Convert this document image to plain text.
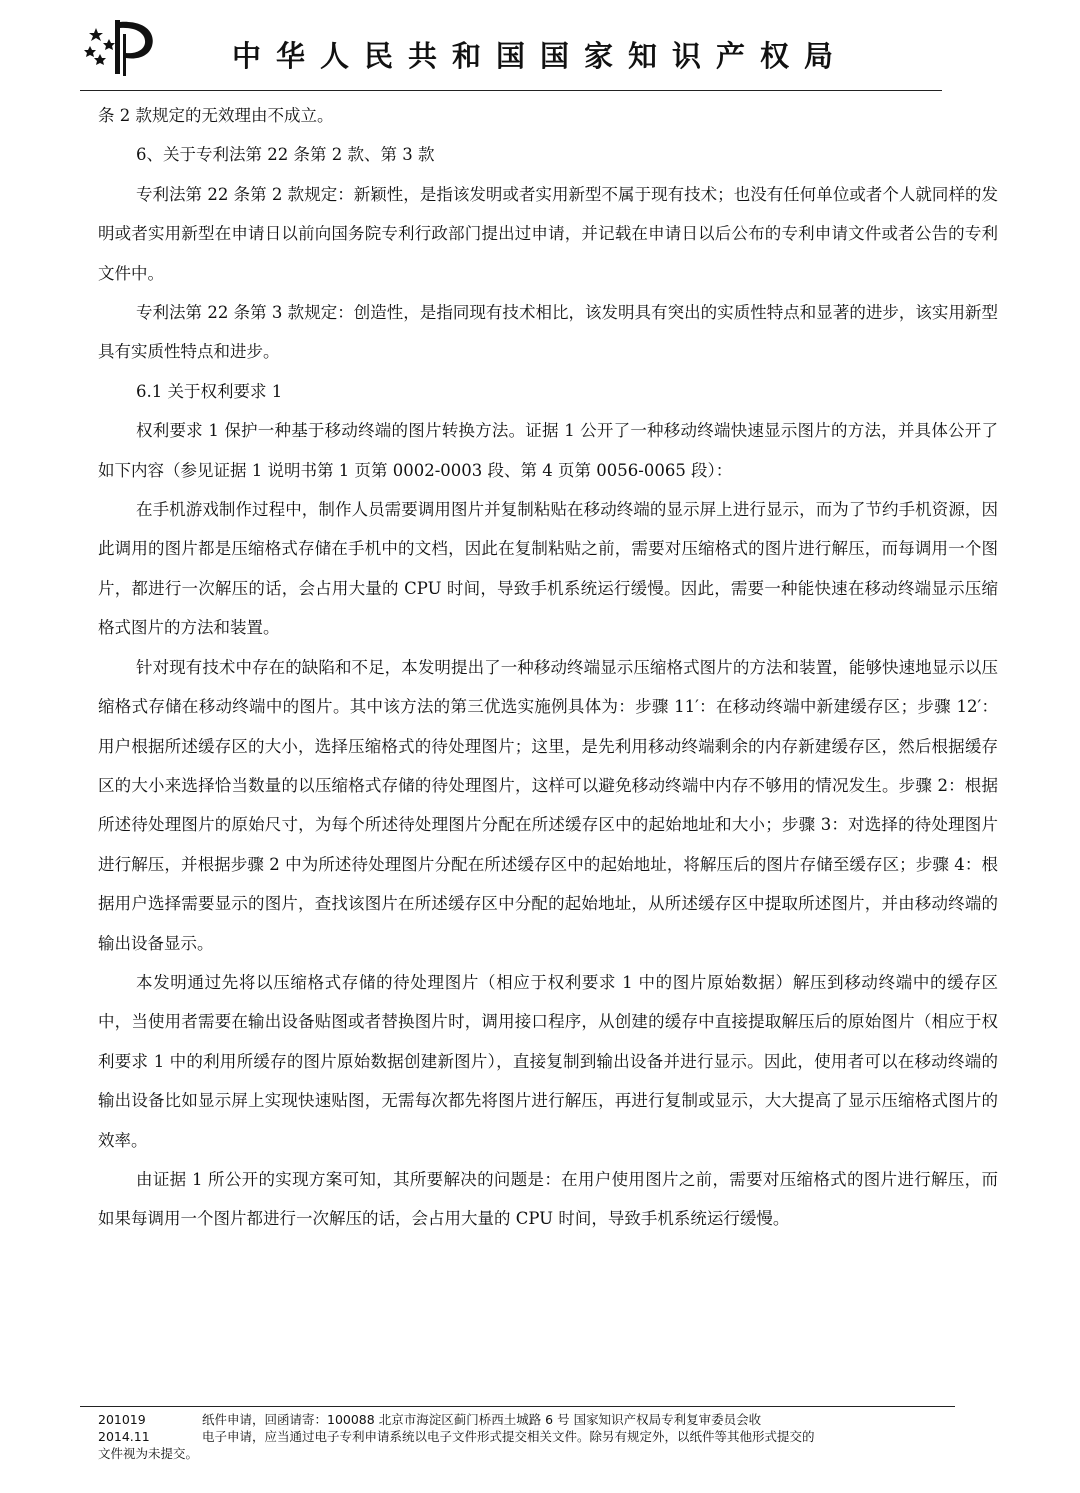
中华人民共和国国家知识产权局

条 2 款规定的无效理由不成立。

6、关于专利法第 22 条第 2 款、第 3 款

专利法第 22 条第 2 款规定：新颖性，是指该发明或者实用新型不属于现有技术；也没有任何单位或者个人就同样的发明或者实用新型在申请日以前向国务院专利行政部门提出过申请，并记载在申请日以后公布的专利申请文件或者公告的专利文件中。

专利法第 22 条第 3 款规定：创造性，是指同现有技术相比，该发明具有突出的实质性特点和显著的进步，该实用新型具有实质性特点和进步。

6.1 关于权利要求 1

权利要求 1 保护一种基于移动终端的图片转换方法。证据 1 公开了一种移动终端快速显示图片的方法，并具体公开了如下内容（参见证据 1 说明书第 1 页第 0002-0003 段、第 4 页第 0056-0065 段）：

在手机游戏制作过程中，制作人员需要调用图片并复制粘贴在移动终端的显示屏上进行显示，而为了节约手机资源，因此调用的图片都是压缩格式存储在手机中的文档，因此在复制粘贴之前，需要对压缩格式的图片进行解压，而每调用一个图片，都进行一次解压的话，会占用大量的 CPU 时间，导致手机系统运行缓慢。因此，需要一种能快速在移动终端显示压缩格式图片的方法和装置。

针对现有技术中存在的缺陷和不足，本发明提出了一种移动终端显示压缩格式图片的方法和装置，能够快速地显示以压缩格式存储在移动终端中的图片。其中该方法的第三优选实施例具体为：步骤 11′：在移动终端中新建缓存区；步骤 12′：用户根据所述缓存区的大小，选择压缩格式的待处理图片；这里，是先利用移动终端剩余的内存新建缓存区，然后根据缓存区的大小来选择恰当数量的以压缩格式存储的待处理图片，这样可以避免移动终端中内存不够用的情况发生。步骤 2：根据所述待处理图片的原始尺寸，为每个所述待处理图片分配在所述缓存区中的起始地址和大小；步骤 3：对选择的待处理图片进行解压，并根据步骤 2 中为所述待处理图片分配在所述缓存区中的起始地址，将解压后的图片存储至缓存区；步骤 4：根据用户选择需要显示的图片，查找该图片在所述缓存区中分配的起始地址，从所述缓存区中提取所述图片，并由移动终端的输出设备显示。

本发明通过先将以压缩格式存储的待处理图片（相应于权利要求 1 中的图片原始数据）解压到移动终端中的缓存区中，当使用者需要在输出设备贴图或者替换图片时，调用接口程序，从创建的缓存中直接提取解压后的原始图片（相应于权利要求 1 中的利用所缓存的图片原始数据创建新图片），直接复制到输出设备并进行显示。因此，使用者可以在移动终端的输出设备比如显示屏上实现快速贴图，无需每次都先将图片进行解压，再进行复制或显示，大大提高了显示压缩格式图片的效率。

由证据 1 所公开的实现方案可知，其所要解决的问题是：在用户使用图片之前，需要对压缩格式的图片进行解压，而如果每调用一个图片都进行一次解压的话，会占用大量的 CPU 时间，导致手机系统运行缓慢。

201019	纸件申请，回函请寄：100088 北京市海淀区蓟门桥西土城路 6 号 国家知识产权局专利复审委员会收
2014.11	电子申请，应当通过电子专利申请系统以电子文件形式提交相关文件。除另有规定外，以纸件等其他形式提交的
文件视为未提交。
